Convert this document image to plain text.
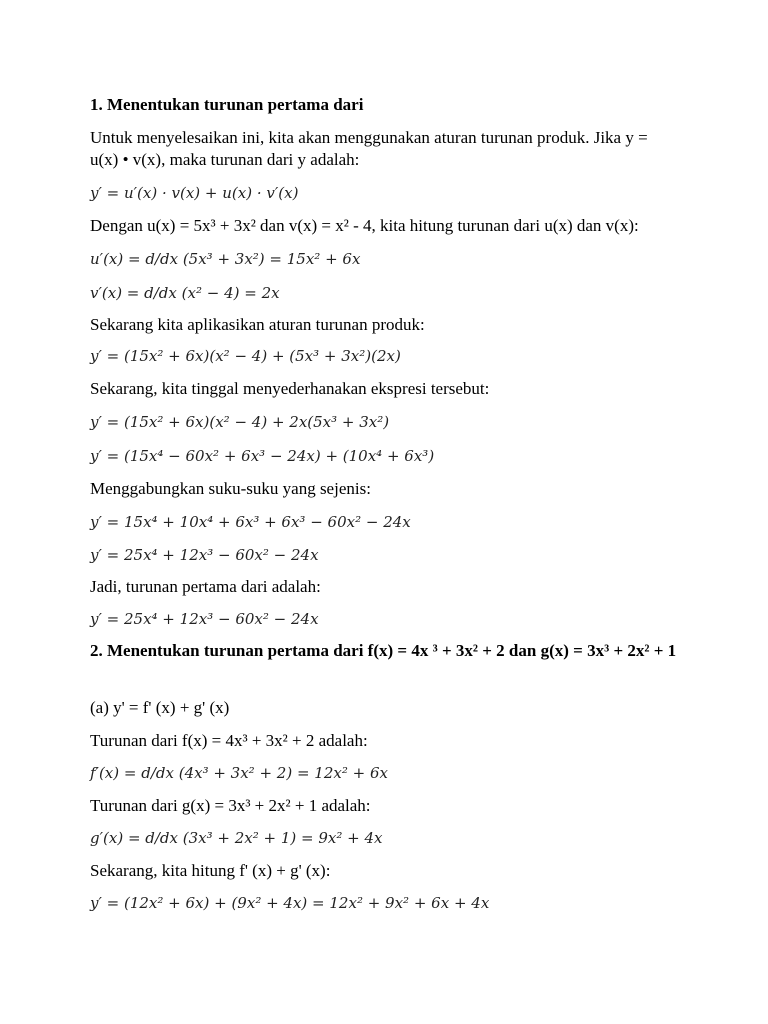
1. Menentukan turunan pertama dari

Untuk menyelesaikan ini, kita akan menggunakan aturan turunan produk. Jika y = u(x) • v(x), maka turunan dari y adalah:

y′ = u′(x) · v(x) + u(x) · v′(x)

Dengan u(x) = 5x³ + 3x² dan v(x) = x² - 4, kita hitung turunan dari u(x) dan v(x):

u′(x) = d/dx (5x³ + 3x²) = 15x² + 6x

v′(x) = d/dx (x² − 4) = 2x

Sekarang kita aplikasikan aturan turunan produk:

y′ = (15x² + 6x)(x² − 4) + (5x³ + 3x²)(2x)

Sekarang, kita tinggal menyederhanakan ekspresi tersebut:

y′ = (15x² + 6x)(x² − 4) + 2x(5x³ + 3x²)

y′ = (15x⁴ − 60x² + 6x³ − 24x) + (10x⁴ + 6x³)

Menggabungkan suku-suku yang sejenis:

y′ = 15x⁴ + 10x⁴ + 6x³ + 6x³ − 60x² − 24x

y′ = 25x⁴ + 12x³ − 60x² − 24x

Jadi, turunan pertama dari adalah:

y′ = 25x⁴ + 12x³ − 60x² − 24x

2. Menentukan turunan pertama dari f(x) = 4x ³ + 3x² + 2 dan g(x) = 3x³ + 2x² + 1

(a) y' = f' (x) + g' (x)

Turunan dari f(x) = 4x³ + 3x² + 2 adalah:

f′(x) = d/dx (4x³ + 3x² + 2) = 12x² + 6x

Turunan dari g(x) = 3x³ + 2x² + 1 adalah:

g′(x) = d/dx (3x³ + 2x² + 1) = 9x² + 4x

Sekarang, kita hitung f' (x) + g' (x):

y′ = (12x² + 6x) + (9x² + 4x) = 12x² + 9x² + 6x + 4x
